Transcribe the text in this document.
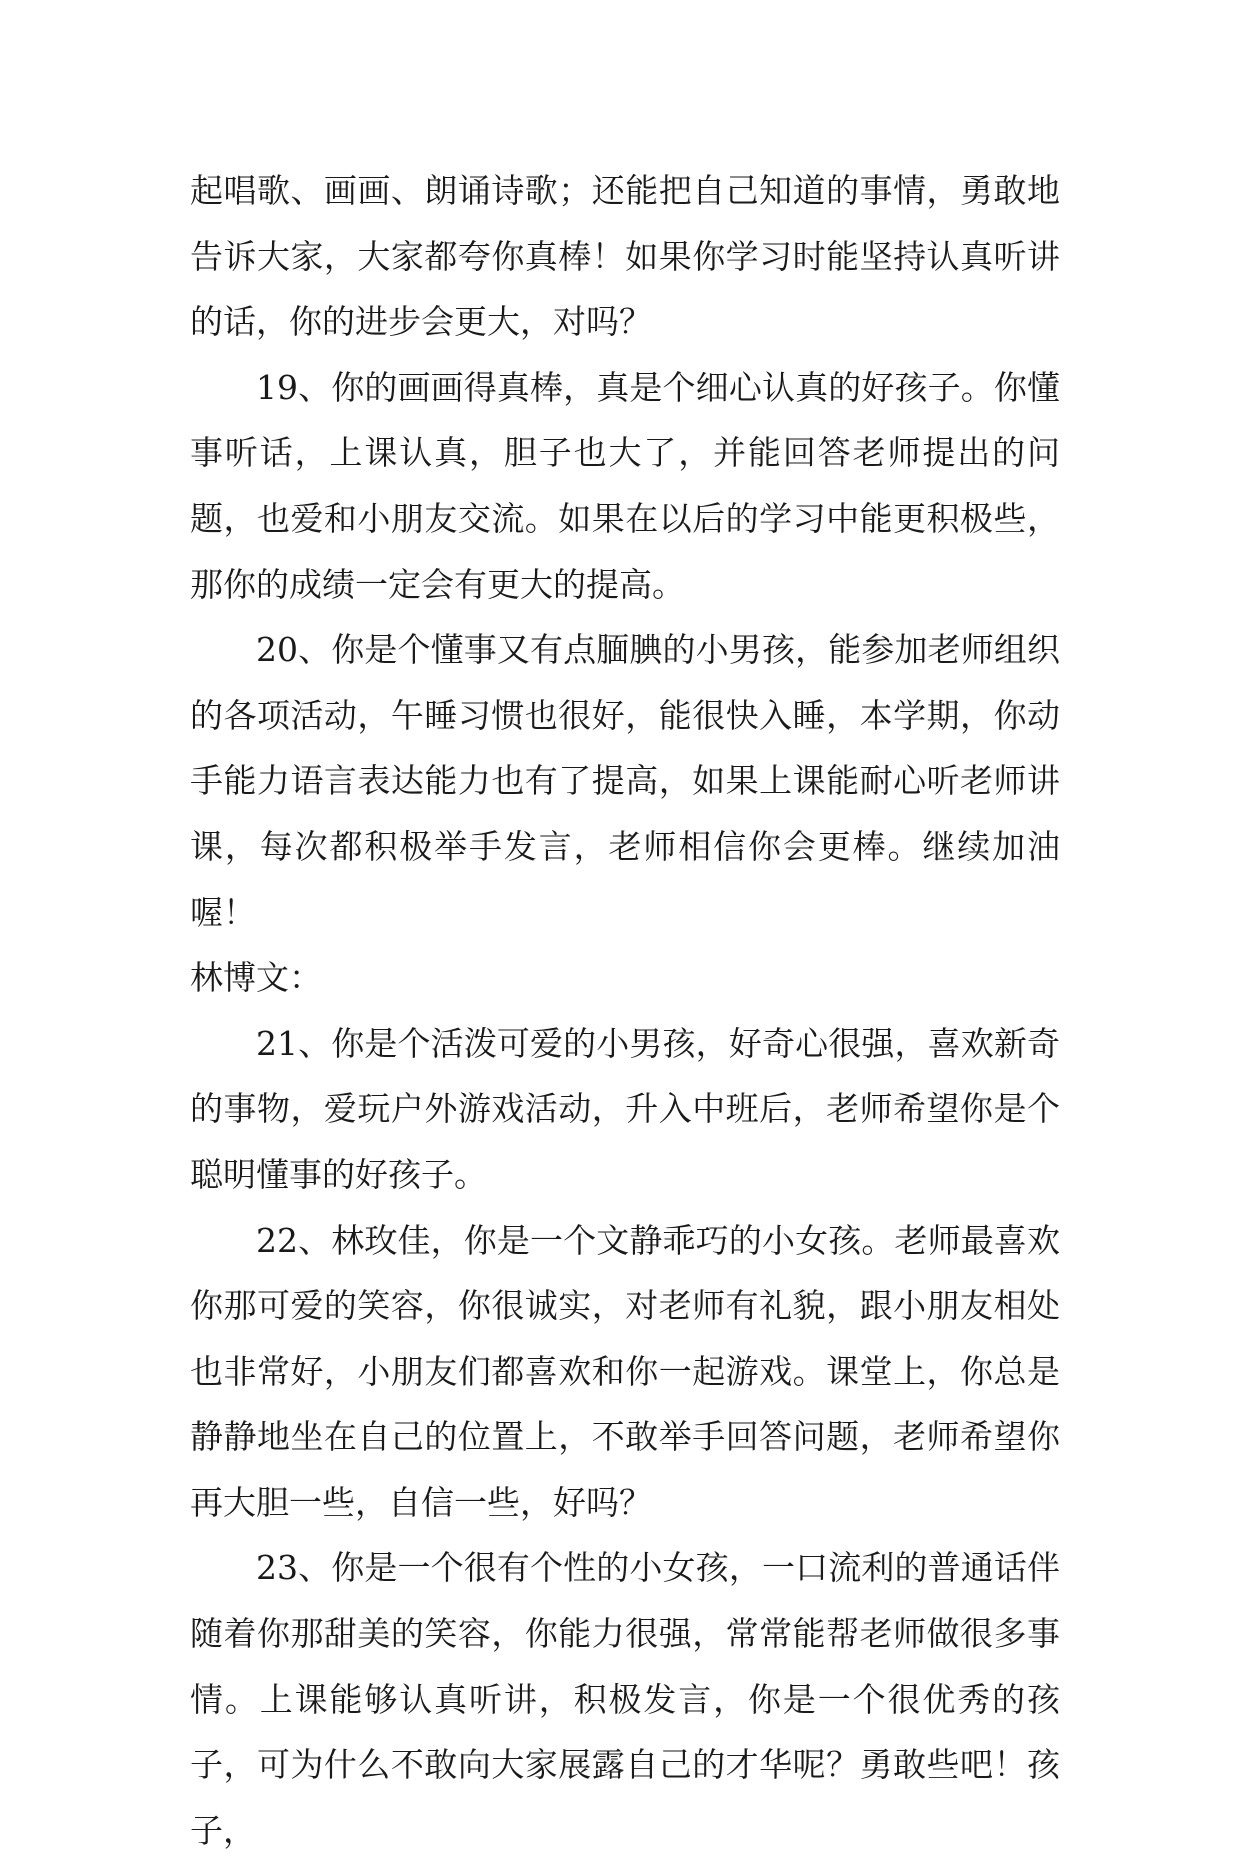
起唱歌、画画、朗诵诗歌；还能把自己知道的事情，勇敢地告诉大家，大家都夸你真棒！如果你学习时能坚持认真听讲的话，你的进步会更大，对吗？

19、你的画画得真棒，真是个细心认真的好孩子。你懂事听话，上课认真，胆子也大了，并能回答老师提出的问题，也爱和小朋友交流。如果在以后的学习中能更积极些，那你的成绩一定会有更大的提高。

20、你是个懂事又有点腼腆的小男孩，能参加老师组织的各项活动，午睡习惯也很好，能很快入睡，本学期，你动手能力语言表达能力也有了提高，如果上课能耐心听老师讲课，每次都积极举手发言，老师相信你会更棒。继续加油喔！

林博文：

21、你是个活泼可爱的小男孩，好奇心很强，喜欢新奇的事物，爱玩户外游戏活动，升入中班后，老师希望你是个聪明懂事的好孩子。

22、林玫佳，你是一个文静乖巧的小女孩。老师最喜欢你那可爱的笑容，你很诚实，对老师有礼貌，跟小朋友相处也非常好，小朋友们都喜欢和你一起游戏。课堂上，你总是静静地坐在自己的位置上，不敢举手回答问题，老师希望你再大胆一些，自信一些，好吗？

23、你是一个很有个性的小女孩，一口流利的普通话伴随着你那甜美的笑容，你能力很强，常常能帮老师做很多事情。上课能够认真听讲，积极发言，你是一个很优秀的孩子，可为什么不敢向大家展露自己的才华呢？勇敢些吧！孩子，
